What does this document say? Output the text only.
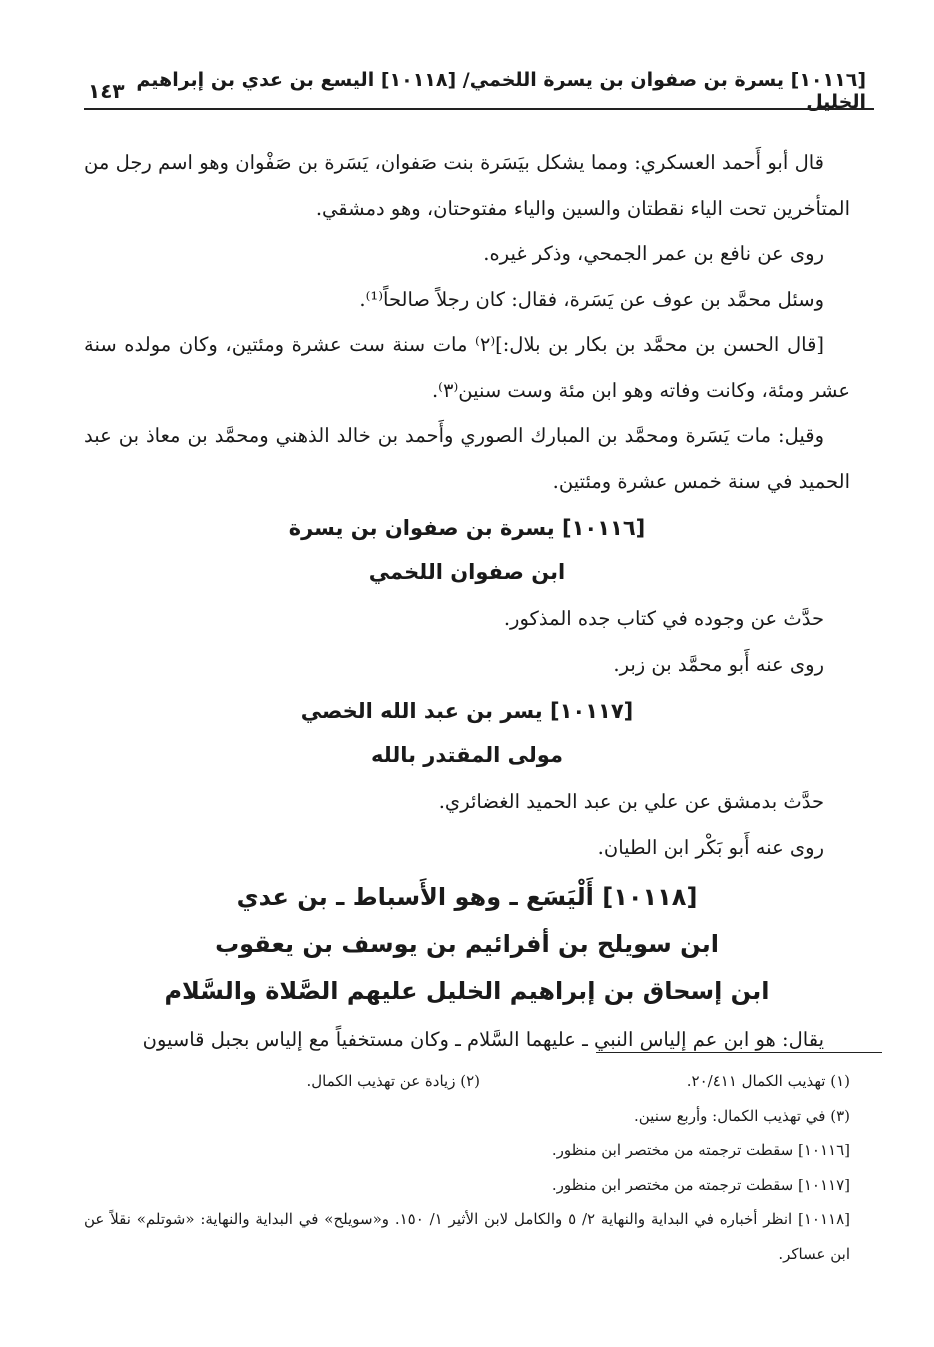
[١٠١١٦] يسرة بن صفوان بن يسرة اللخمي/ [١٠١١٨] اليسع بن عدي بن إبراهيم الخليل
١٤٣

قال أبو أَحمد العسكري: ومما يشكل بيَسَرة بنت صَفوان، يَسَرة بن صَفْوان وهو اسم رجل من المتأخرين تحت الياء نقطتان والسين والياء مفتوحتان، وهو دمشقي.

روى عن نافع بن عمر الجمحي، وذكر غيره.

وسئل محمَّد بن عوف عن يَسَرة، فقال: كان رجلاً صالحاً⁽¹⁾.

[قال الحسن بن محمَّد بن بكار بن بلال:]⁽٢⁾ مات سنة ست عشرة ومئتين، وكان مولده سنة عشر ومئة، وكانت وفاته وهو ابن مئة وست سنين⁽٣⁾.

وقيل: مات يَسَرة ومحمَّد بن المبارك الصوري وأَحمد بن خالد الذهني ومحمَّد بن معاذ بن عبد الحميد في سنة خمس عشرة ومئتين.

[١٠١١٦] يسرة بن صفوان بن يسرة
ابن صفوان اللخمي

حدَّث عن وجوده في كتاب جده المذكور.

روى عنه أَبو محمَّد بن زبر.

[١٠١١٧] يسر بن عبد الله الخصي
مولى المقتدر بالله

حدَّث بدمشق عن علي بن عبد الحميد الغضائري.

روى عنه أَبو بَكْر ابن الطيان.

[١٠١١٨] أَلْيَسَع ـ وهو الأَسباط ـ بن عدي
ابن سويلح بن أفرائيم بن يوسف بن يعقوب
ابن إسحاق بن إبراهيم الخليل عليهم الصَّلاة والسَّلام

يقال: هو ابن عم إلياس النبي ـ عليهما السَّلام ـ وكان مستخفياً مع إلياس بجبل قاسيون

(١) تهذيب الكمال ٢٠/٤١١.
(٢) زيادة عن تهذيب الكمال.
(٣) في تهذيب الكمال: وأربع سنين.
[١٠١١٦] سقطت ترجمته من مختصر ابن منظور.
[١٠١١٧] سقطت ترجمته من مختصر ابن منظور.
[١٠١١٨] انظر أخباره في البداية والنهاية ٢/ ٥ والكامل لابن الأثير ١/ ١٥٠. و«سويلح» في البداية والنهاية: «شوتلم» نقلاً عن ابن عساكر.
